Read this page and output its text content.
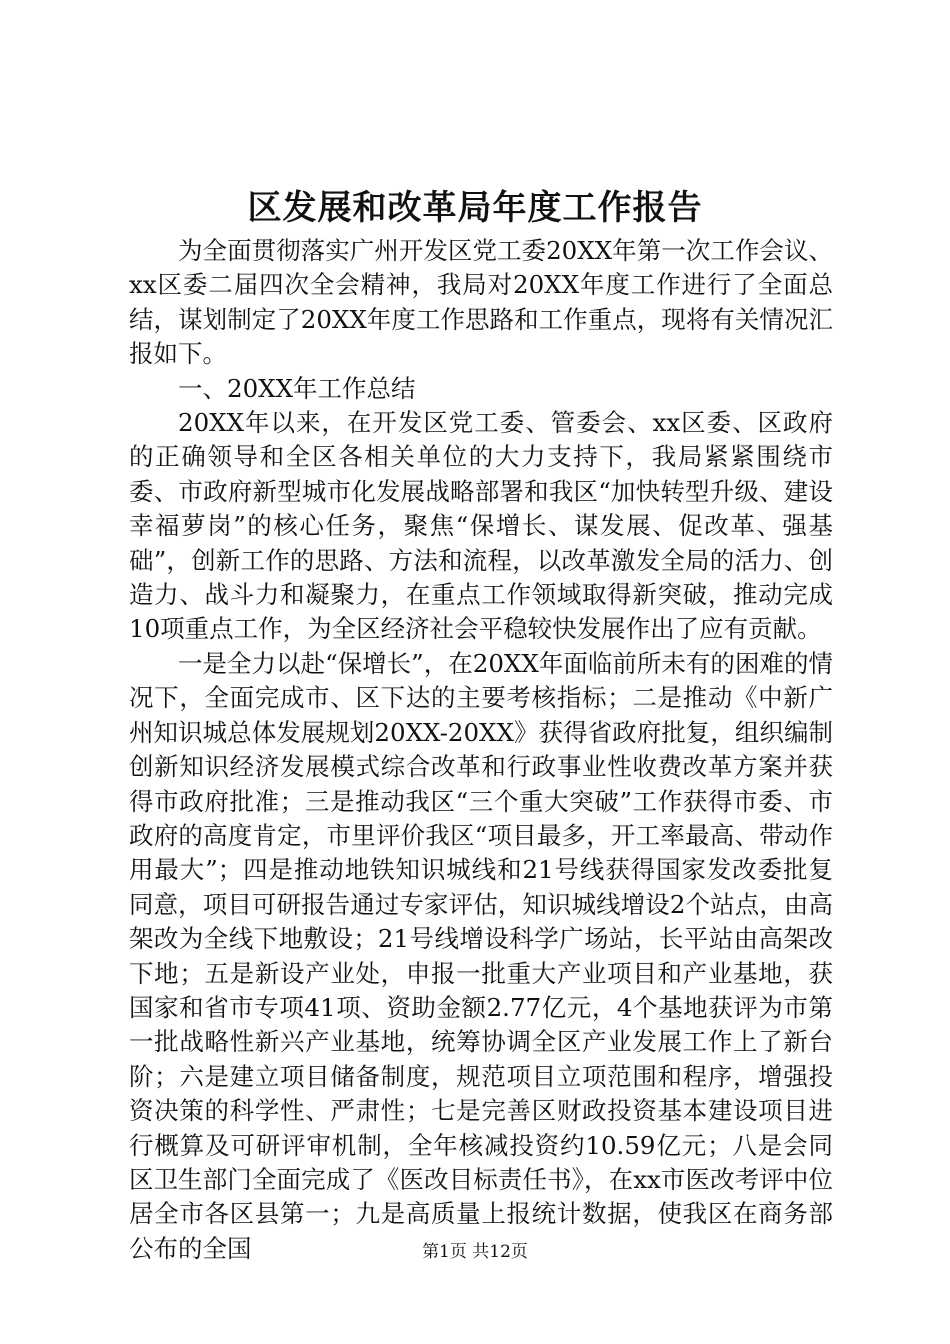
区发展和改革局年度工作报告

为全面贯彻落实广州开发区党工委20XX年第一次工作会议、xx区委二届四次全会精神，我局对20XX年度工作进行了全面总结，谋划制定了20XX年度工作思路和工作重点，现将有关情况汇报如下。

一、20XX年工作总结

20XX年以来，在开发区党工委、管委会、xx区委、区政府的正确领导和全区各相关单位的大力支持下，我局紧紧围绕市委、市政府新型城市化发展战略部署和我区“加快转型升级、建设幸福萝岗”的核心任务，聚焦“保增长、谋发展、促改革、强基础”，创新工作的思路、方法和流程，以改革激发全局的活力、创造力、战斗力和凝聚力，在重点工作领域取得新突破，推动完成10项重点工作，为全区经济社会平稳较快发展作出了应有贡献。

一是全力以赴“保增长”，在20XX年面临前所未有的困难的情况下，全面完成市、区下达的主要考核指标；二是推动《中新广州知识城总体发展规划20XX-20XX》获得省政府批复，组织编制创新知识经济发展模式综合改革和行政事业性收费改革方案并获得市政府批准；三是推动我区“三个重大突破”工作获得市委、市政府的高度肯定，市里评价我区“项目最多，开工率最高、带动作用最大”；四是推动地铁知识城线和21号线获得国家发改委批复同意，项目可研报告通过专家评估，知识城线增设2个站点，由高架改为全线下地敷设；21号线增设科学广场站，长平站由高架改下地；五是新设产业处，申报一批重大产业项目和产业基地，获国家和省市专项41项、资助金额2.77亿元，4个基地获评为市第一批战略性新兴产业基地，统筹协调全区产业发展工作上了新台阶；六是建立项目储备制度，规范项目立项范围和程序，增强投资决策的科学性、严肃性；七是完善区财政投资基本建设项目进行概算及可研评审机制，全年核减投资约10.59亿元；八是会同区卫生部门全面完成了《医改目标责任书》，在xx市医改考评中位居全市各区县第一；九是高质量上报统计数据，使我区在商务部公布的全国	第1页 共12页
